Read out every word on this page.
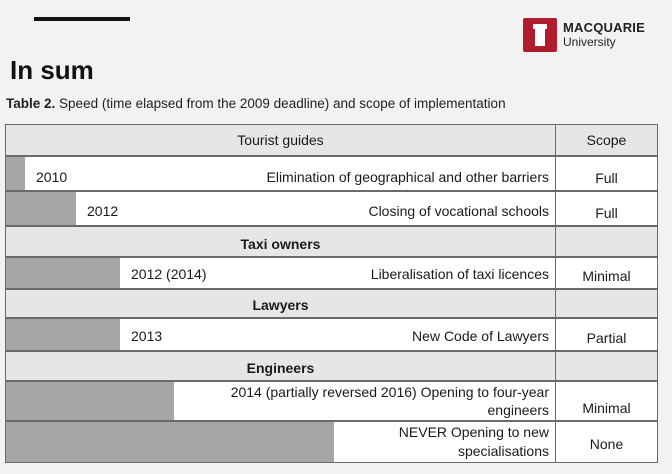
MACQUARIE
University
In sum
Table 2. Speed (time elapsed from the 2009 deadline) and scope of implementation
Tourist guides	Scope
2010	Elimination of geographical and other barriers	Full
2012	Closing of vocational schools	Full
Taxi owners
2012 (2014)	Liberalisation of taxi licences	Minimal
Lawyers
2013	New Code of Lawyers	Partial
Engineers
2014 (partially reversed 2016) Opening to four-year
engineers	Minimal
NEVER Opening to new
specialisations	None
